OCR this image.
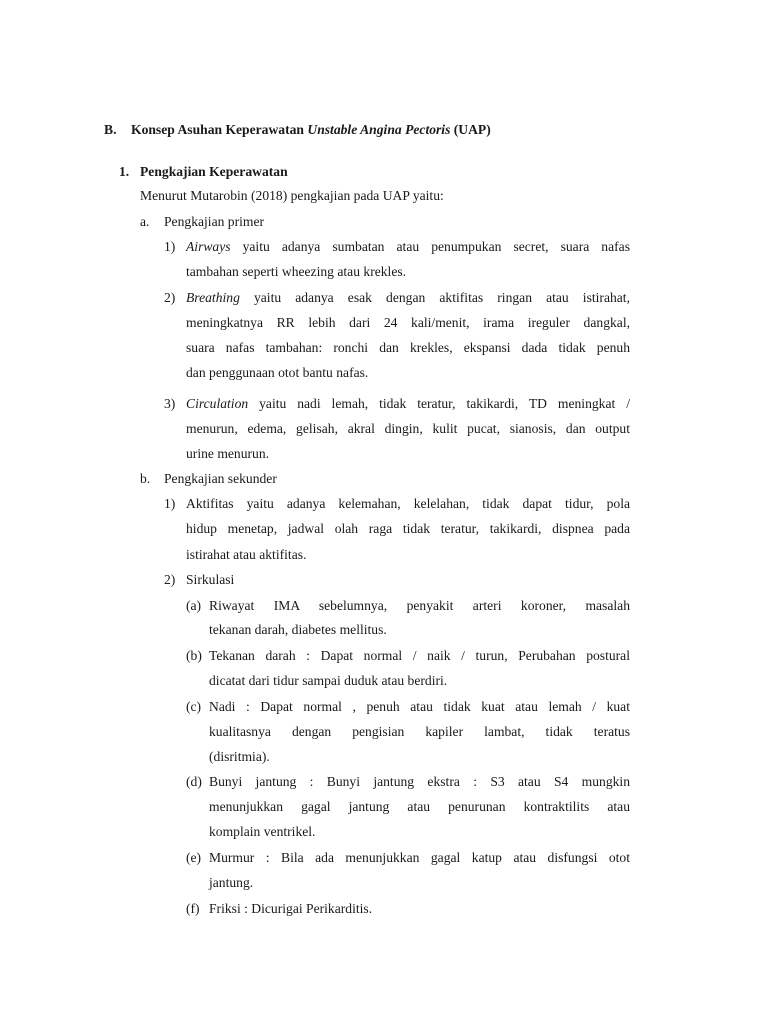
B. Konsep Asuhan Keperawatan Unstable Angina Pectoris (UAP)
1. Pengkajian Keperawatan
Menurut Mutarobin (2018) pengkajian pada UAP yaitu:
a. Pengkajian primer
1) Airways yaitu adanya sumbatan atau penumpukan secret, suara nafas
tambahan seperti wheezing atau krekles.
2) Breathing yaitu adanya esak dengan aktifitas ringan atau istirahat,
meningkatnya RR lebih dari 24 kali/menit, irama ireguler dangkal,
suara nafas tambahan: ronchi dan krekles, ekspansi dada tidak penuh
dan penggunaan otot bantu nafas.
3) Circulation yaitu nadi lemah, tidak teratur, takikardi, TD meningkat /
menurun, edema, gelisah, akral dingin, kulit pucat, sianosis, dan output
urine menurun.
b. Pengkajian sekunder
1) Aktifitas yaitu adanya kelemahan, kelelahan, tidak dapat tidur, pola
hidup menetap, jadwal olah raga tidak teratur, takikardi, dispnea pada
istirahat atau aktifitas.
2) Sirkulasi
(a) Riwayat IMA sebelumnya, penyakit arteri koroner, masalah
tekanan darah, diabetes mellitus.
(b) Tekanan darah : Dapat normal / naik / turun, Perubahan postural
dicatat dari tidur sampai duduk atau berdiri.
(c) Nadi : Dapat normal , penuh atau tidak kuat atau lemah / kuat
kualitasnya dengan pengisian kapiler lambat, tidak teratus
(disritmia).
(d) Bunyi jantung : Bunyi jantung ekstra : S3 atau S4 mungkin
menunjukkan gagal jantung atau penurunan kontraktilits atau
komplain ventrikel.
(e) Murmur : Bila ada menunjukkan gagal katup atau disfungsi otot
jantung.
(f) Friksi : Dicurigai Perikarditis.
